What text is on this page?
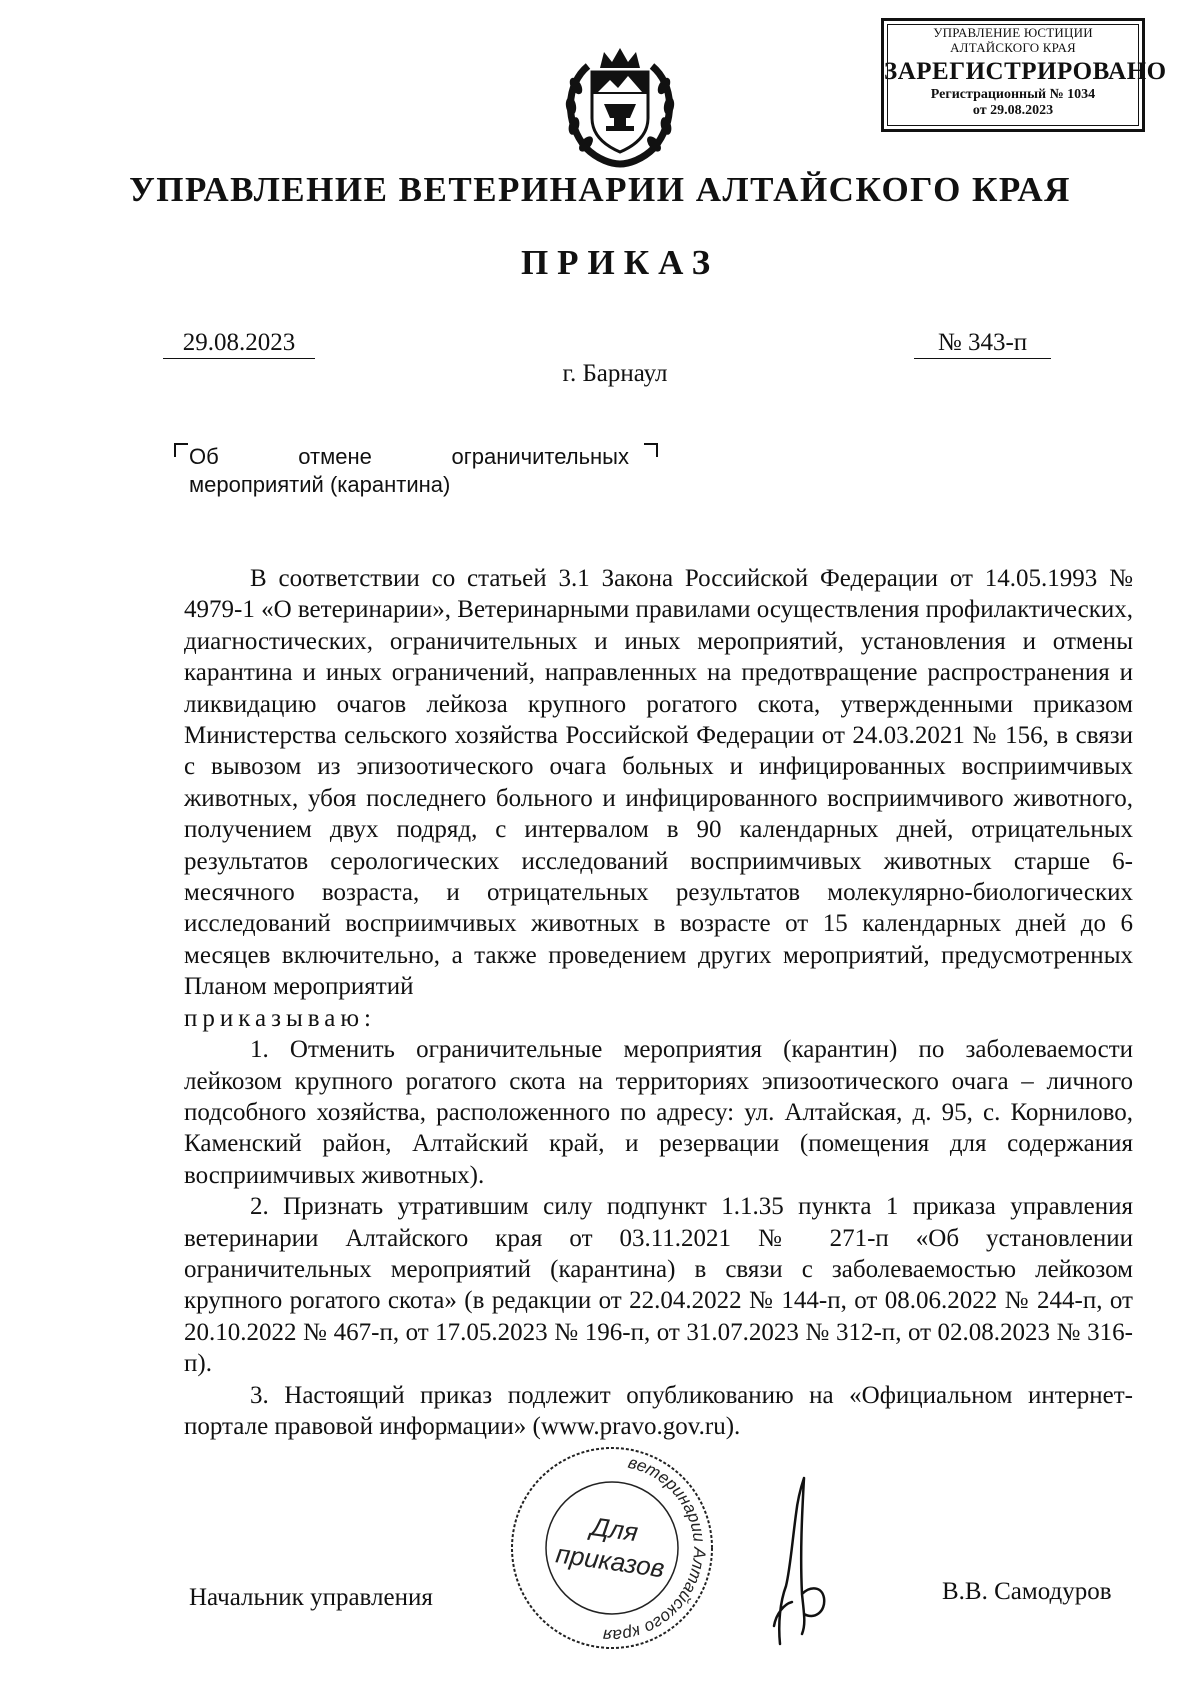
УПРАВЛЕНИЕ ЮСТИЦИИ
АЛТАЙСКОГО КРАЯ
ЗАРЕГИСТРИРОВАНО
Регистрационный № 1034
от 29.08.2023
УПРАВЛЕНИЕ ВЕТЕРИНАРИИ АЛТАЙСКОГО КРАЯ
ПРИКАЗ
29.08.2023	№ 343-п
г. Барнаул
Об отмене ограничительных
мероприятий (карантина)

В соответствии со статьей 3.1 Закона Российской Федерации от 14.05.1993 № 4979-1 «О ветеринарии», Ветеринарными правилами осуществления профилактических, диагностических, ограничительных и иных мероприятий, установления и отмены карантина и иных ограничений, направленных на предотвращение распространения и ликвидацию очагов лейкоза крупного рогатого скота, утвержденными приказом Министерства сельского хозяйства Российской Федерации от 24.03.2021 № 156, в связи с вывозом из эпизоотического очага больных и инфицированных восприимчивых животных, убоя последнего больного и инфицированного восприимчивого животного, получением двух подряд, с интервалом в 90 календарных дней, отрицательных результатов серологических исследований восприимчивых животных старше 6-месячного возраста, и отрицательных результатов молекулярно-биологических исследований восприимчивых животных в возрасте от 15 календарных дней до 6 месяцев включительно, а также проведением других мероприятий, предусмотренных Планом мероприятий

приказываю:

1. Отменить ограничительные мероприятия (карантин) по заболеваемости лейкозом крупного рогатого скота на территориях эпизоотического очага – личного подсобного хозяйства, расположенного по адресу: ул. Алтайская, д. 95, с. Корнилово, Каменский район, Алтайский край, и резервации (помещения для содержания восприимчивых животных).

2. Признать утратившим силу подпункт 1.1.35 пункта 1 приказа управления ветеринарии Алтайского края от 03.11.2021 № 271-п «Об установлении ограничительных мероприятий (карантина) в связи с заболеваемостью лейкозом крупного рогатого скота» (в редакции от 22.04.2022 № 144-п, от 08.06.2022 № 244-п, от 20.10.2022 № 467-п, от 17.05.2023 № 196-п, от 31.07.2023 № 312-п, от 02.08.2023 № 316-п).

3. Настоящий приказ подлежит опубликованию на «Официальном интернет-портале правовой информации» (www.pravo.gov.ru).

Начальник управления	В.В. Самодуров
ветеринарии Алтайского края
Для
приказов
